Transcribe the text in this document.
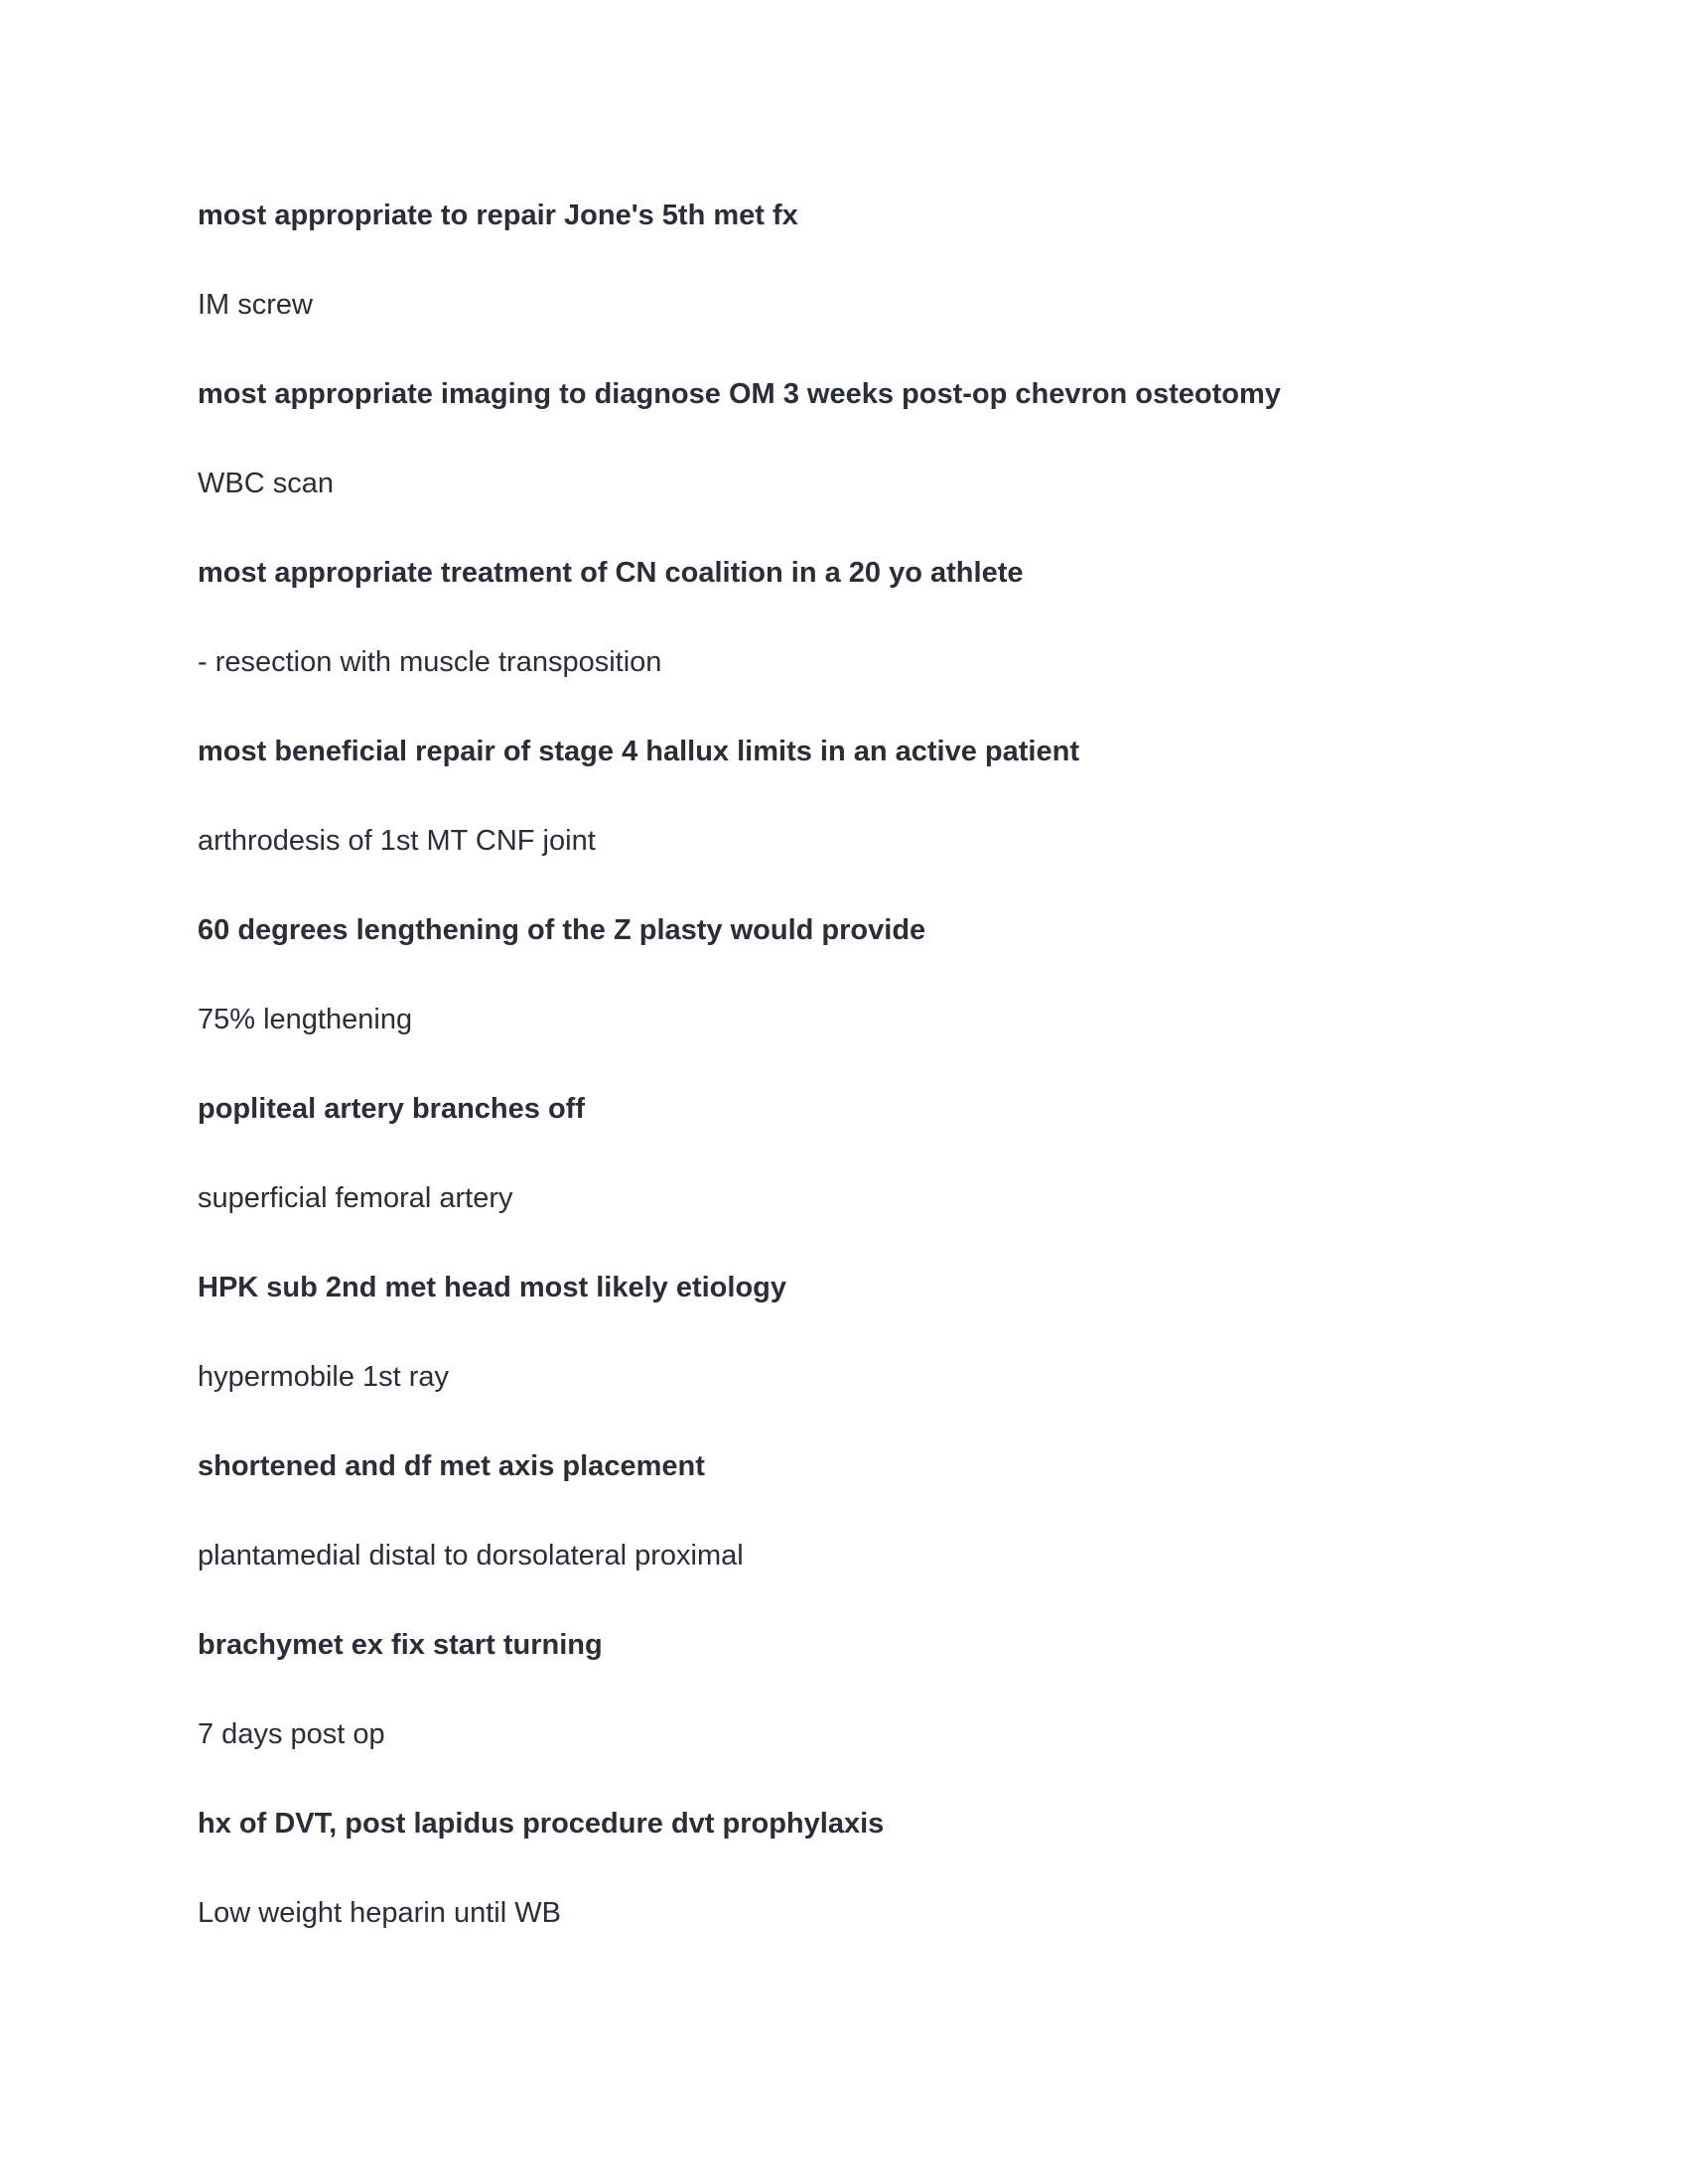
most appropriate to repair Jone's 5th met fx
IM screw
most appropriate imaging to diagnose OM 3 weeks post-op chevron osteotomy
WBC scan
most appropriate treatment of CN coalition in a 20 yo athlete
- resection with muscle transposition
most beneficial repair of stage 4 hallux limits in an active patient
arthrodesis of 1st MT CNF joint
60 degrees lengthening of the Z plasty would provide
75% lengthening
popliteal artery branches off
superficial femoral artery
HPK sub 2nd met head most likely etiology
hypermobile 1st ray
shortened and df met axis placement
plantamedial distal to dorsolateral proximal
brachymet ex fix start turning
7 days post op
hx of DVT, post lapidus procedure dvt prophylaxis
Low weight heparin until WB
